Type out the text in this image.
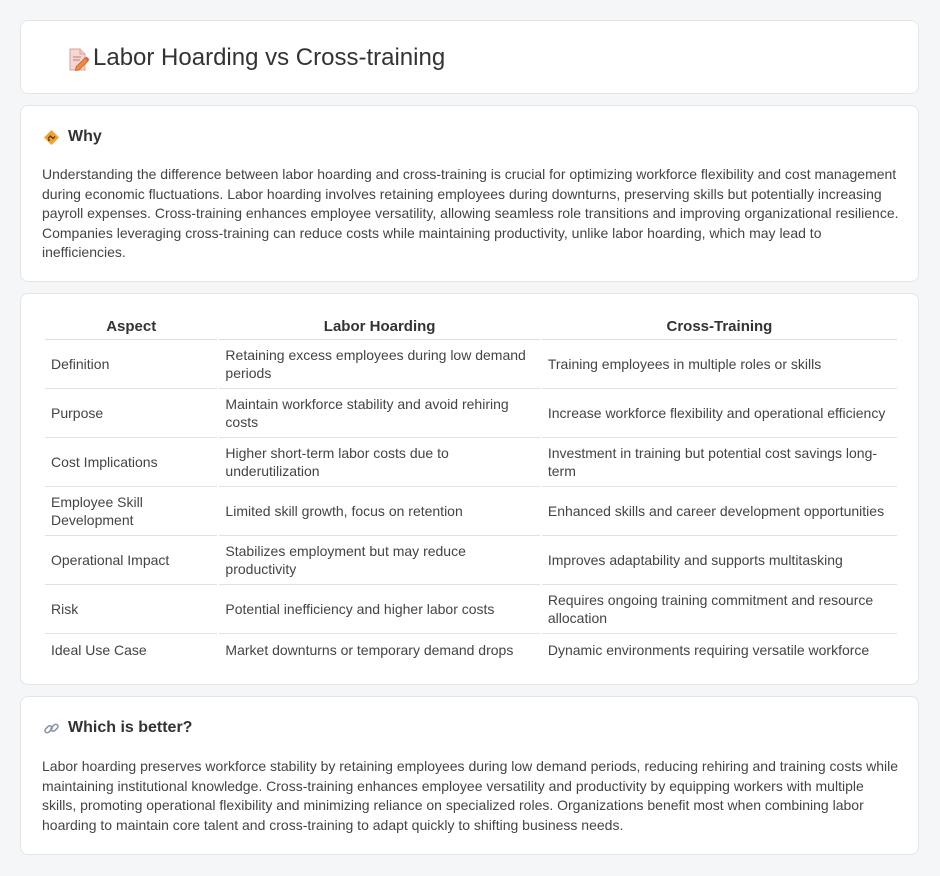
Labor Hoarding vs Cross-training
Why

Understanding the difference between labor hoarding and cross-training is crucial for optimizing workforce flexibility and cost management during economic fluctuations. Labor hoarding involves retaining employees during downturns, preserving skills but potentially increasing payroll expenses. Cross-training enhances employee versatility, allowing seamless role transitions and improving organizational resilience. Companies leveraging cross-training can reduce costs while maintaining productivity, unlike labor hoarding, which may lead to inefficiencies.

Aspect	Labor Hoarding	Cross-Training
Definition	Retaining excess employees during low demand periods	Training employees in multiple roles or skills
Purpose	Maintain workforce stability and avoid rehiring costs	Increase workforce flexibility and operational efficiency
Cost Implications	Higher short-term labor costs due to underutilization	Investment in training but potential cost savings long-term
Employee Skill Development	Limited skill growth, focus on retention	Enhanced skills and career development opportunities
Operational Impact	Stabilizes employment but may reduce productivity	Improves adaptability and supports multitasking
Risk	Potential inefficiency and higher labor costs	Requires ongoing training commitment and resource allocation
Ideal Use Case	Market downturns or temporary demand drops	Dynamic environments requiring versatile workforce
Which is better?

Labor hoarding preserves workforce stability by retaining employees during low demand periods, reducing rehiring and training costs while maintaining institutional knowledge. Cross-training enhances employee versatility and productivity by equipping workers with multiple skills, promoting operational flexibility and minimizing reliance on specialized roles. Organizations benefit most when combining labor hoarding to maintain core talent and cross-training to adapt quickly to shifting business needs.
